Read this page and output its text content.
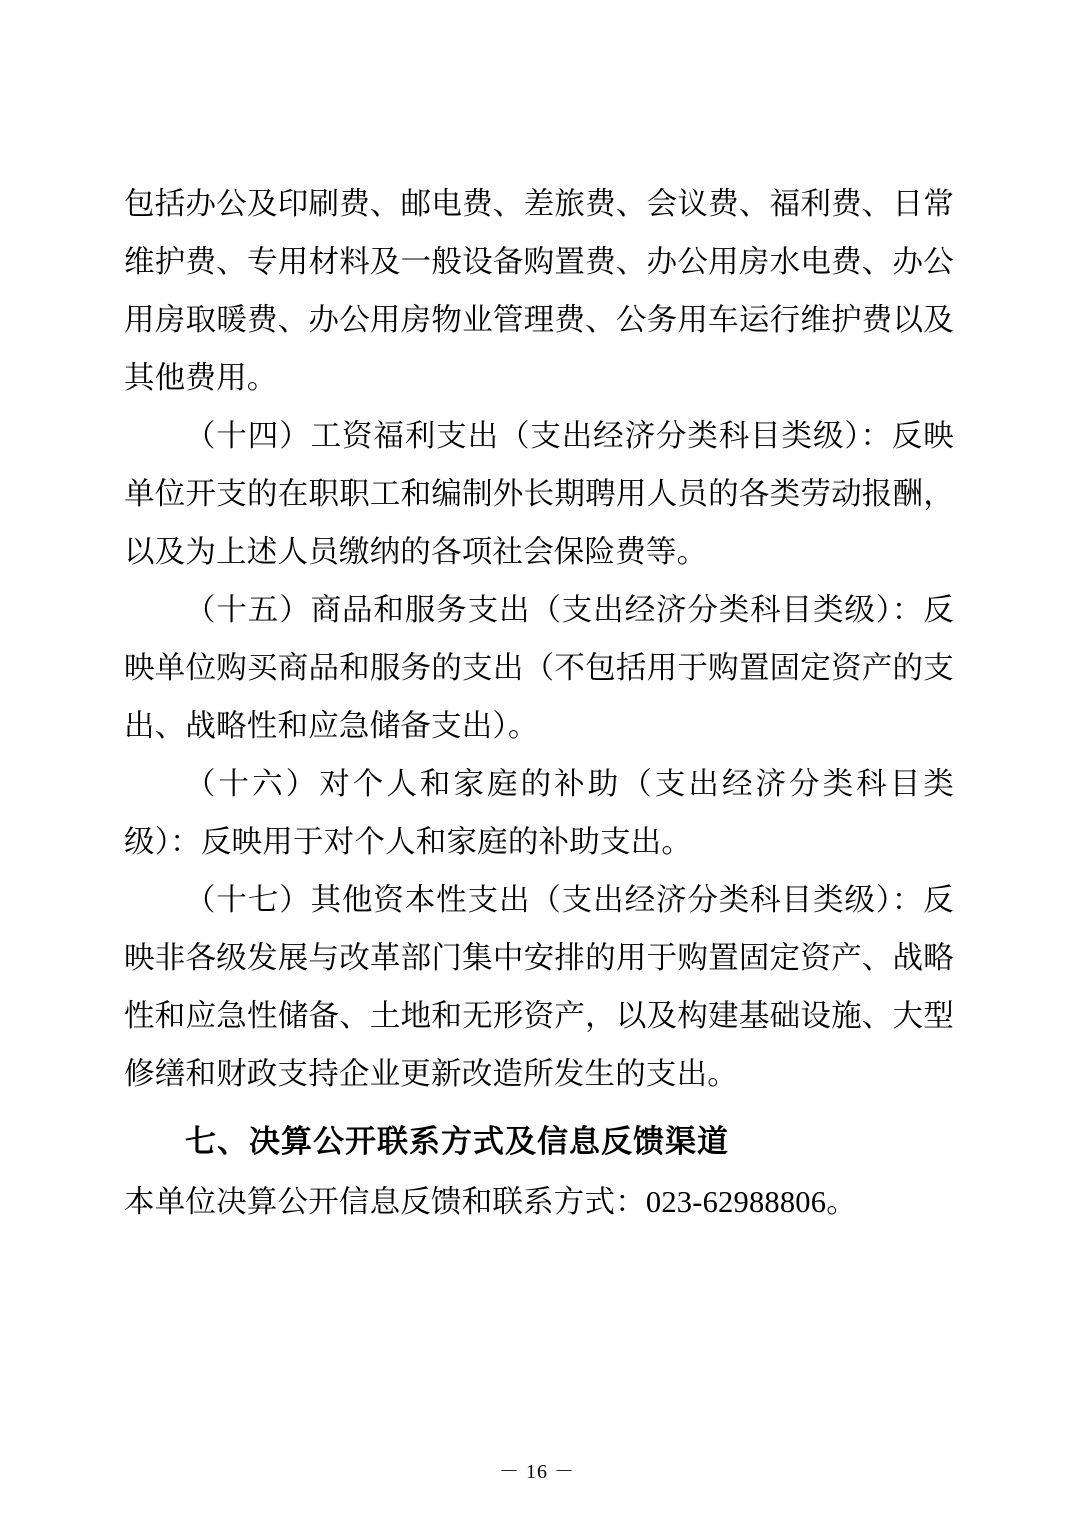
包括办公及印刷费、邮电费、差旅费、会议费、福利费、日常维护费、专用材料及一般设备购置费、办公用房水电费、办公用房取暖费、办公用房物业管理费、公务用车运行维护费以及其他费用。

（十四）工资福利支出（支出经济分类科目类级）：反映单位开支的在职职工和编制外长期聘用人员的各类劳动报酬，以及为上述人员缴纳的各项社会保险费等。

（十五）商品和服务支出（支出经济分类科目类级）：反映单位购买商品和服务的支出（不包括用于购置固定资产的支出、战略性和应急储备支出）。

（十六）对个人和家庭的补助（支出经济分类科目类级）：反映用于对个人和家庭的补助支出。

（十七）其他资本性支出（支出经济分类科目类级）：反映非各级发展与改革部门集中安排的用于购置固定资产、战略性和应急性储备、土地和无形资产，以及构建基础设施、大型修缮和财政支持企业更新改造所发生的支出。

七、决算公开联系方式及信息反馈渠道

本单位决算公开信息反馈和联系方式：023-62988806。

－ 16 －
